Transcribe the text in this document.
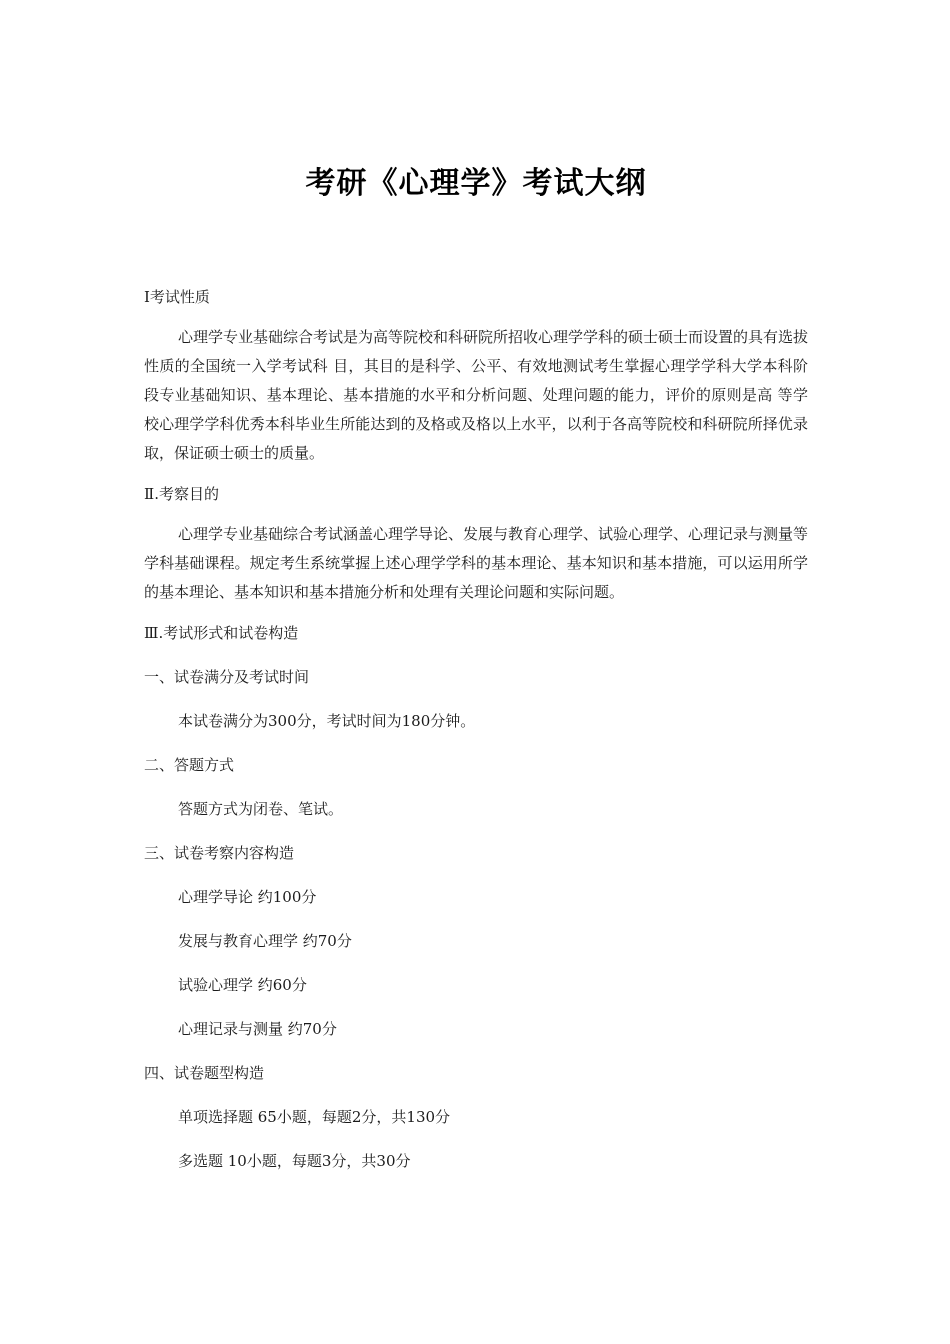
考研《心理学》考试大纲

Ⅰ考试性质

心理学专业基础综合考试是为高等院校和科研院所招收心理学学科的硕士硕士而设置的具有选拔性质的全国统一入学考试科 目，其目的是科学、公平、有效地测试考生掌握心理学学科大学本科阶段专业基础知识、基本理论、基本措施的水平和分析问题、处理问题的能力，评价的原则是高 等学校心理学学科优秀本科毕业生所能达到的及格或及格以上水平，以利于各高等院校和科研院所择优录取，保证硕士硕士的质量。

Ⅱ.考察目的

心理学专业基础综合考试涵盖心理学导论、发展与教育心理学、试验心理学、心理记录与测量等学科基础课程。规定考生系统掌握上述心理学学科的基本理论、基本知识和基本措施，可以运用所学的基本理论、基本知识和基本措施分析和处理有关理论问题和实际问题。

Ⅲ.考试形式和试卷构造

一、试卷满分及考试时间

本试卷满分为300分，考试时间为180分钟。

二、答题方式

答题方式为闭卷、笔试。

三、试卷考察内容构造

心理学导论 约100分

发展与教育心理学 约70分

试验心理学 约60分

心理记录与测量 约70分

四、试卷题型构造

单项选择题 65小题，每题2分，共130分

多选题 10小题，每题3分，共30分
